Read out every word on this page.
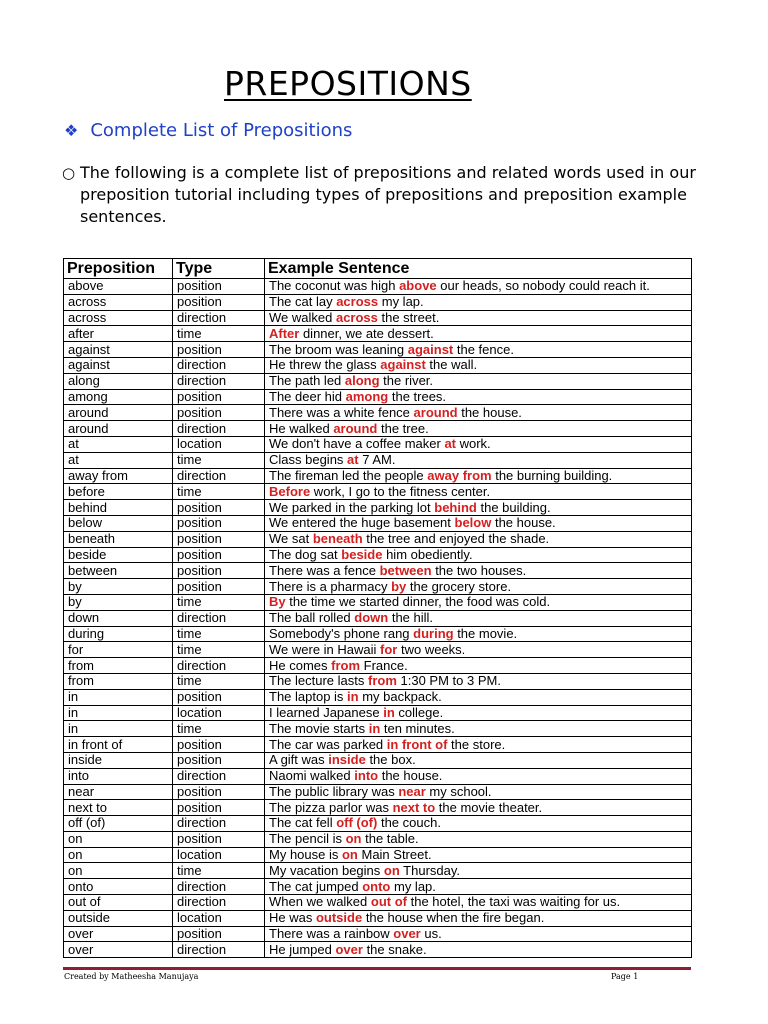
PREPOSITIONS
❖ Complete List of Prepositions
○ The following is a complete list of prepositions and related words used in our preposition tutorial including types of prepositions and preposition example sentences.
Preposition	Type	Example Sentence
above	position	The coconut was high above our heads, so nobody could reach it.
across	position	The cat lay across my lap.
across	direction	We walked across the street.
after	time	After dinner, we ate dessert.
against	position	The broom was leaning against the fence.
against	direction	He threw the glass against the wall.
along	direction	The path led along the river.
among	position	The deer hid among the trees.
around	position	There was a white fence around the house.
around	direction	He walked around the tree.
at	location	We don't have a coffee maker at work.
at	time	Class begins at 7 AM.
away from	direction	The fireman led the people away from the burning building.
before	time	Before work, I go to the fitness center.
behind	position	We parked in the parking lot behind the building.
below	position	We entered the huge basement below the house.
beneath	position	We sat beneath the tree and enjoyed the shade.
beside	position	The dog sat beside him obediently.
between	position	There was a fence between the two houses.
by	position	There is a pharmacy by the grocery store.
by	time	By the time we started dinner, the food was cold.
down	direction	The ball rolled down the hill.
during	time	Somebody's phone rang during the movie.
for	time	We were in Hawaii for two weeks.
from	direction	He comes from France.
from	time	The lecture lasts from 1:30 PM to 3 PM.
in	position	The laptop is in my backpack.
in	location	I learned Japanese in college.
in	time	The movie starts in ten minutes.
in front of	position	The car was parked in front of the store.
inside	position	A gift was inside the box.
into	direction	Naomi walked into the house.
near	position	The public library was near my school.
next to	position	The pizza parlor was next to the movie theater.
off (of)	direction	The cat fell off (of) the couch.
on	position	The pencil is on the table.
on	location	My house is on Main Street.
on	time	My vacation begins on Thursday.
onto	direction	The cat jumped onto my lap.
out of	direction	When we walked out of the hotel, the taxi was waiting for us.
outside	location	He was outside the house when the fire began.
over	position	There was a rainbow over us.
over	direction	He jumped over the snake.
Created by Matheesha Manujaya	Page 1
